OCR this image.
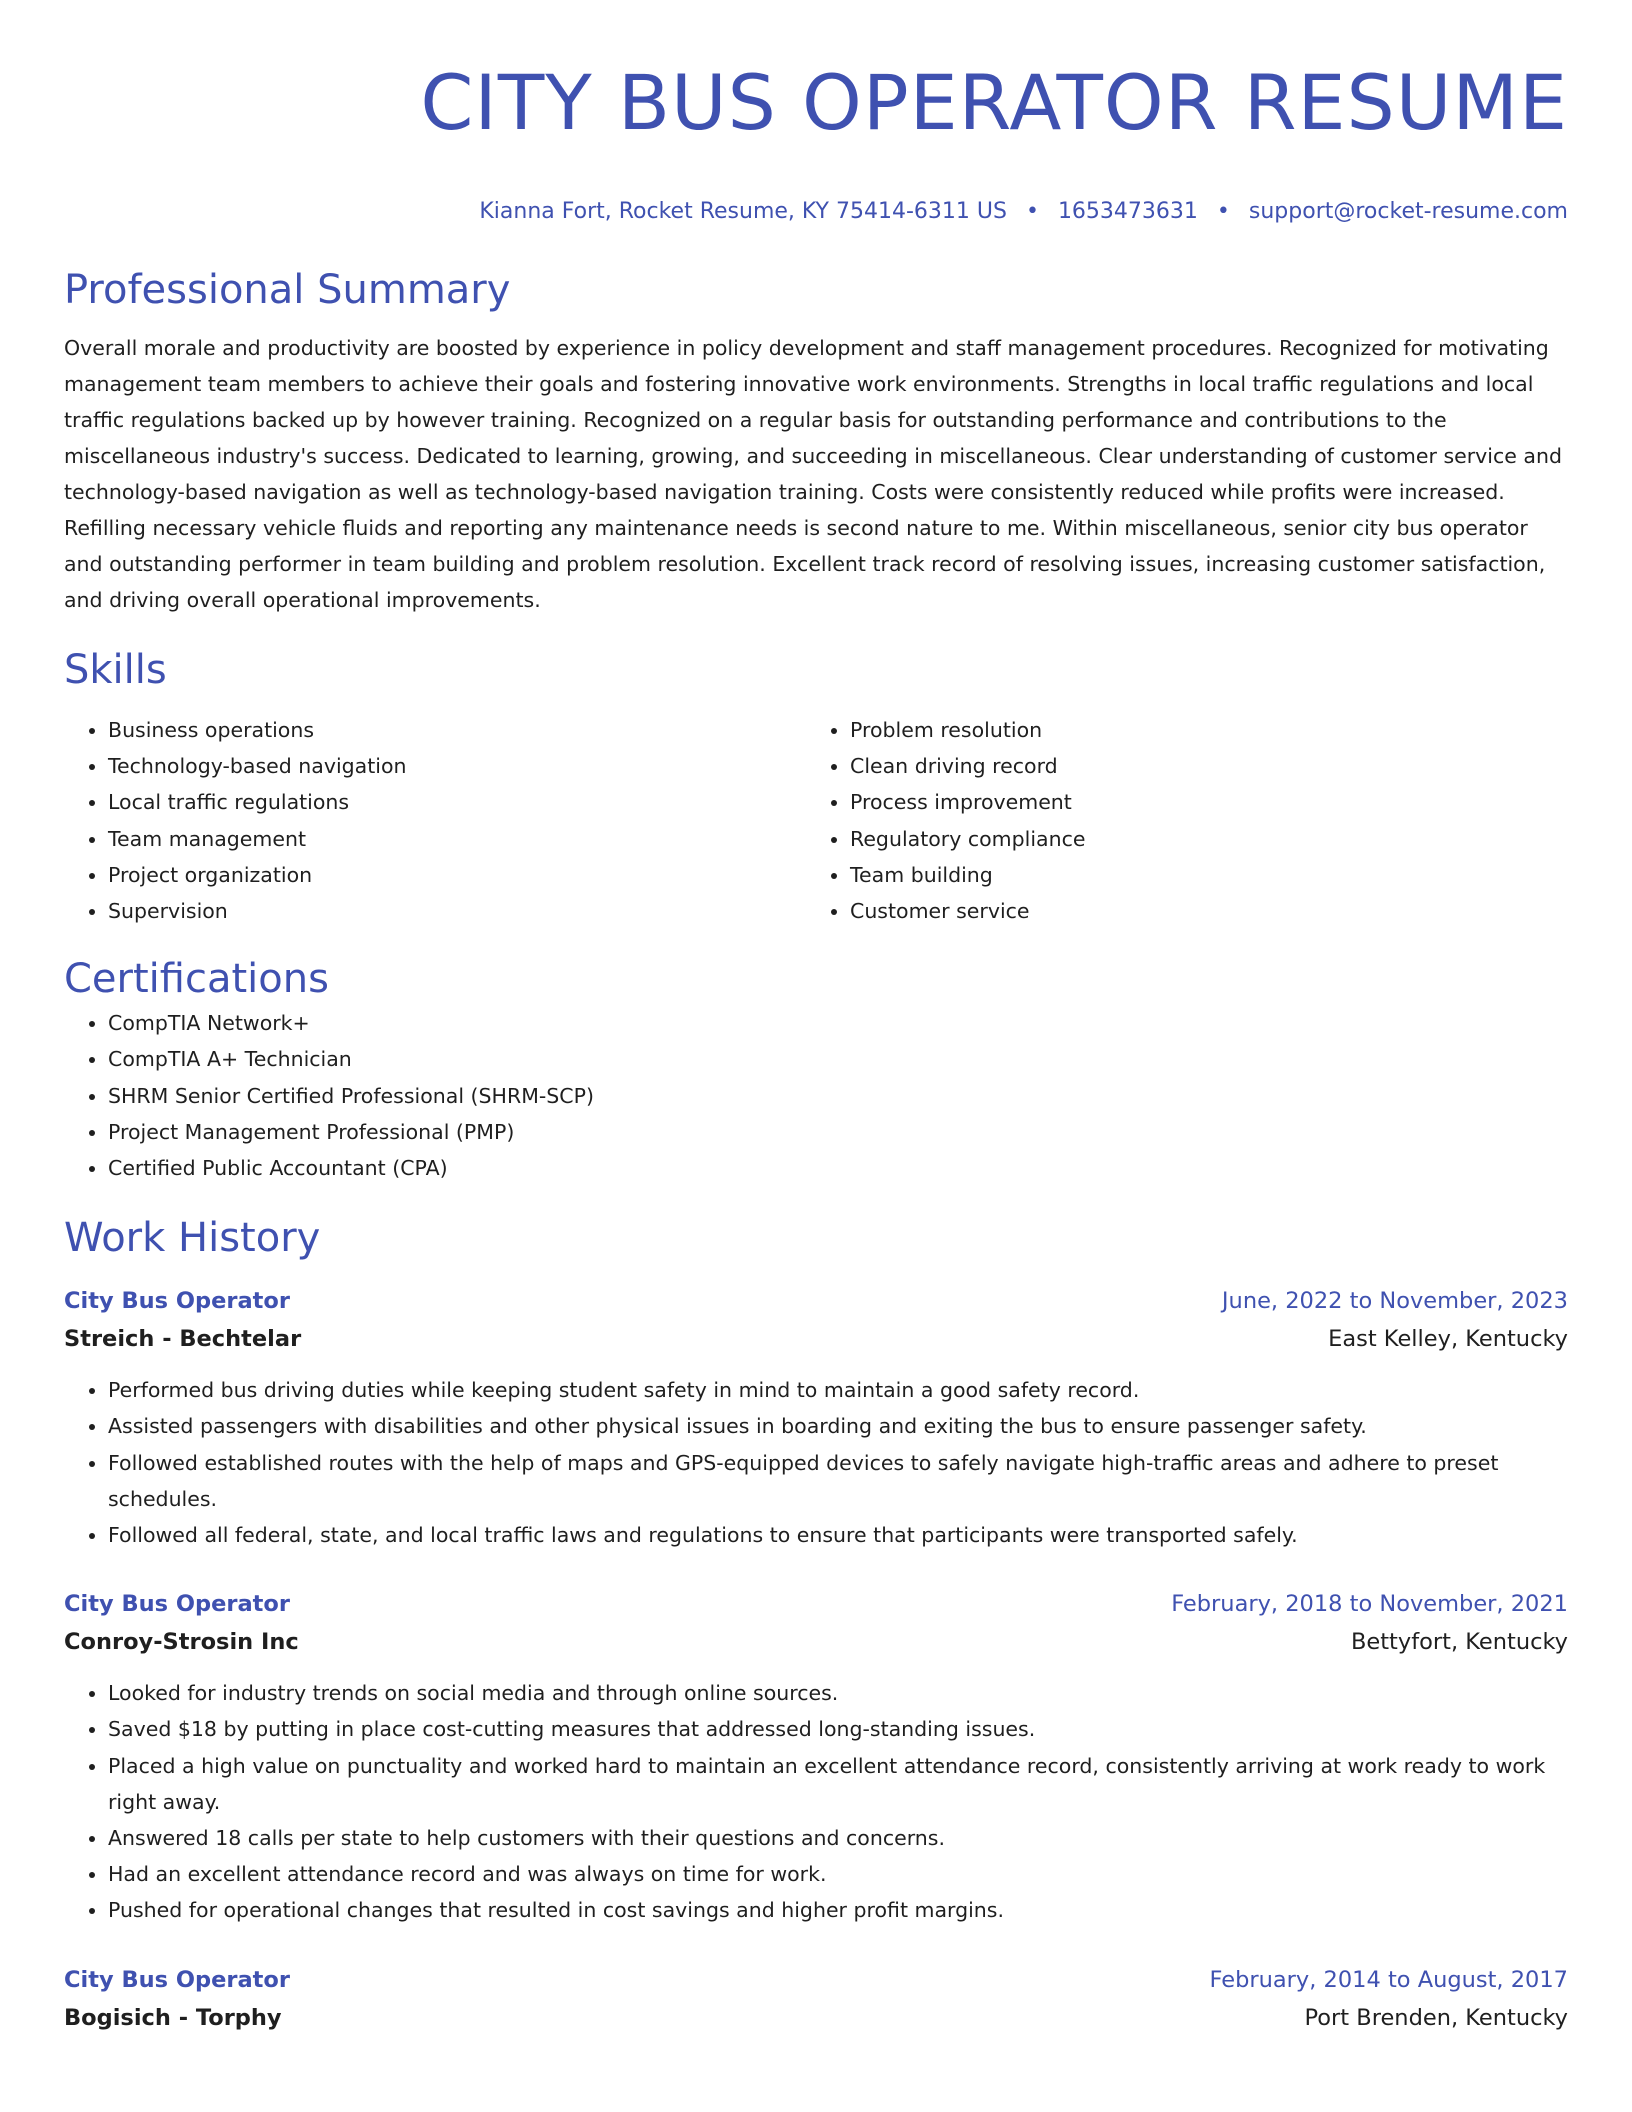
CITY BUS OPERATOR RESUME
Kianna Fort, Rocket Resume, KY 75414-6311 US • 1653473631 • support@rocket-resume.com
Professional Summary
Overall morale and productivity are boosted by experience in policy development and staff management procedures. Recognized for motivating management team members to achieve their goals and fostering innovative work environments. Strengths in local traffic regulations and local traffic regulations backed up by however training. Recognized on a regular basis for outstanding performance and contributions to the miscellaneous industry's success. Dedicated to learning, growing, and succeeding in miscellaneous. Clear understanding of customer service and technology-based navigation as well as technology-based navigation training. Costs were consistently reduced while profits were increased. Refilling necessary vehicle fluids and reporting any maintenance needs is second nature to me. Within miscellaneous, senior city bus operator and outstanding performer in team building and problem resolution. Excellent track record of resolving issues, increasing customer satisfaction, and driving overall operational improvements.
Skills
• Business operations
• Technology-based navigation
• Local traffic regulations
• Team management
• Project organization
• Supervision
• Problem resolution
• Clean driving record
• Process improvement
• Regulatory compliance
• Team building
• Customer service
Certifications
• CompTIA Network+
• CompTIA A+ Technician
• SHRM Senior Certified Professional (SHRM-SCP)
• Project Management Professional (PMP)
• Certified Public Accountant (CPA)
Work History
City Bus Operator	June, 2022 to November, 2023
Streich - Bechtelar	East Kelley, Kentucky
• Performed bus driving duties while keeping student safety in mind to maintain a good safety record.
• Assisted passengers with disabilities and other physical issues in boarding and exiting the bus to ensure passenger safety.
• Followed established routes with the help of maps and GPS-equipped devices to safely navigate high-traffic areas and adhere to preset schedules.
• Followed all federal, state, and local traffic laws and regulations to ensure that participants were transported safely.
City Bus Operator	February, 2018 to November, 2021
Conroy-Strosin Inc	Bettyfort, Kentucky
• Looked for industry trends on social media and through online sources.
• Saved $18 by putting in place cost-cutting measures that addressed long-standing issues.
• Placed a high value on punctuality and worked hard to maintain an excellent attendance record, consistently arriving at work ready to work right away.
• Answered 18 calls per state to help customers with their questions and concerns.
• Had an excellent attendance record and was always on time for work.
• Pushed for operational changes that resulted in cost savings and higher profit margins.
City Bus Operator	February, 2014 to August, 2017
Bogisich - Torphy	Port Brenden, Kentucky
